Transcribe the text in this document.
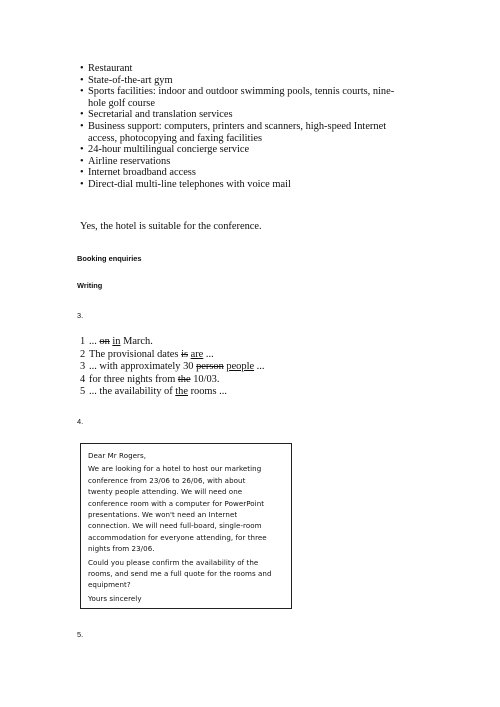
• Restaurant
• State-of-the-art gym
• Sports facilities: indoor and outdoor swimming pools, tennis courts, nine-hole golf course
• Secretarial and translation services
• Business support: computers, printers and scanners, high-speed Internet access, photocopying and faxing facilities
• 24-hour multilingual concierge service
• Airline reservations
• Internet broadband access
• Direct-dial multi-line telephones with voice mail

Yes, the hotel is suitable for the conference.

Booking enquiries

Writing

3.

1 ... on in March.
2 The provisional dates is are ...
3 ... with approximately 30 person people ...
4 for three nights from the 10/03.
5 ... the availability of the rooms ...

4.

Dear Mr Rogers,

We are looking for a hotel to host our marketing

conference from 23/06 to 26/06, with about

twenty people attending. We will need one

conference room with a computer for PowerPoint

presentations. We won't need an Internet

connection. We will need full-board, single-room

accommodation for everyone attending, for three

nights from 23/06.

Could you please confirm the availability of the

rooms, and send me a full quote for the rooms and

equipment?

Yours sincerely

5.
